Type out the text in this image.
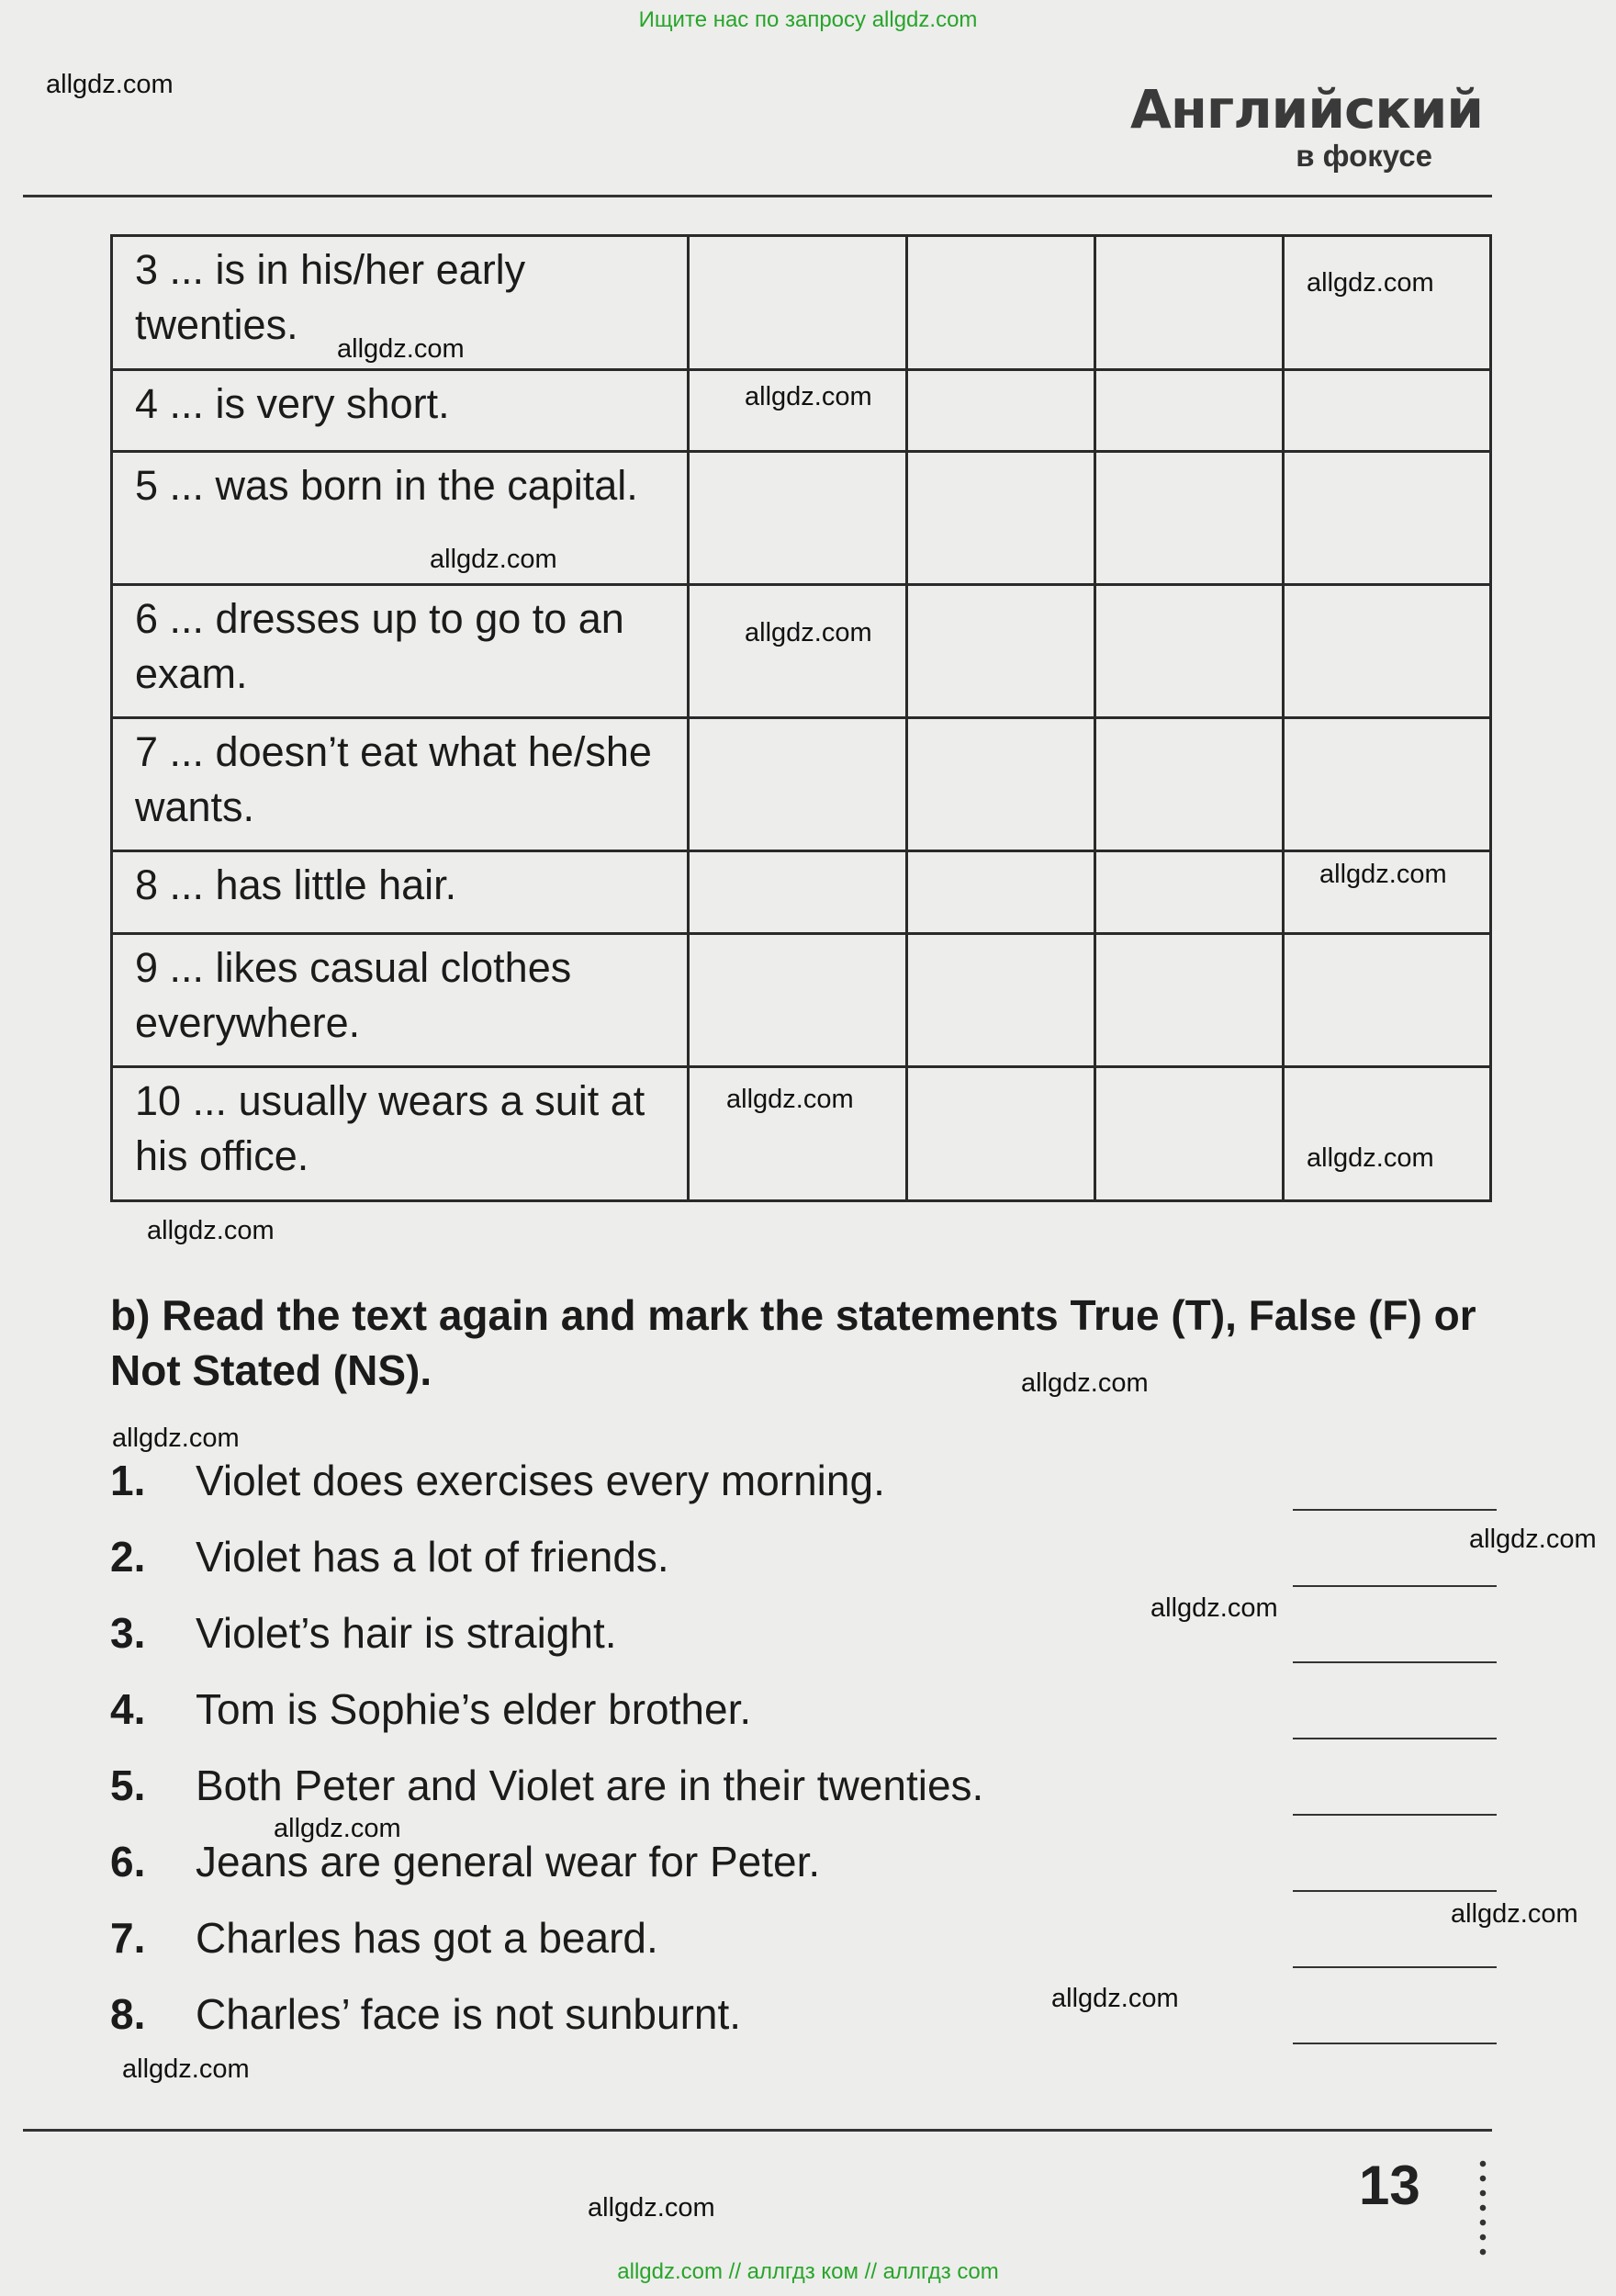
Ищите нас по запросу allgdz.com
allgdz.com	Английский
в фокусе
3 ... is in his/her early twenties.
allgdz.com				allgdz.com

4 ... is very short.	allgdz.com			

5 ... was born in the capital.
allgdz.com				

6 ... dresses up to go to an exam.	allgdz.com			

7 ... doesn’t eat what he/she wants.				
8 ... has little hair.				allgdz.com

9 ... likes casual clothes everywhere.				
10 ... usually wears a suit at his office.	allgdz.com			allgdz.com
allgdz.com
b) Read the text again and mark the statements True (T), False (F) or Not Stated (NS).	allgdz.com
allgdz.com
1. Violet does exercises every morning.
2. Violet has a lot of friends.
3. Violet’s hair is straight.
4. Tom is Sophie’s elder brother.
5. Both Peter and Violet are in their twenties.
6. Jeans are general wear for Peter.
7. Charles has got a beard.
8. Charles’ face is not sunburnt.
allgdz.com
allgdz.com
allgdz.com
allgdz.com
allgdz.com
allgdz.com
allgdz.com	13
allgdz.com // аллгдз ком // аллгдз com
